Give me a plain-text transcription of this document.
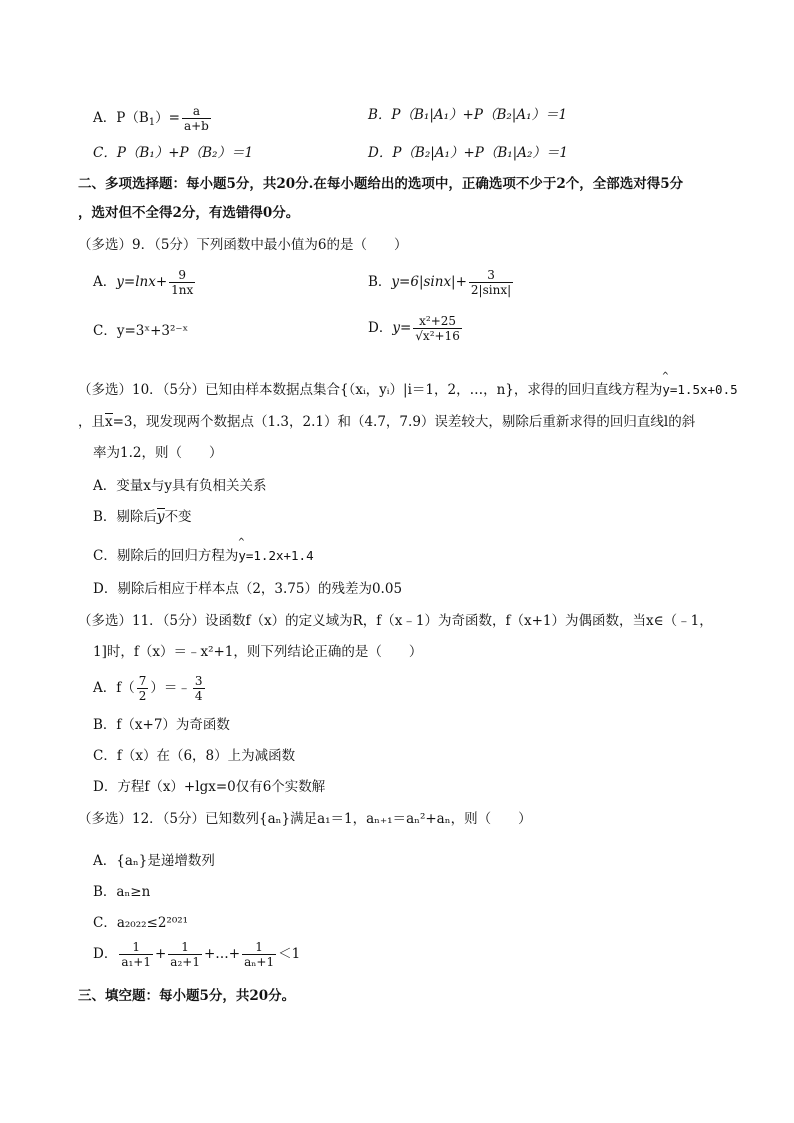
A．$P(B_1)= \frac{a}{a+b}$	B．P（B₁|A₁）+P（B₂|A₁）＝1
C．P（B₁）+P（B₂）＝1	D．P（B₂|A₁）+P（B₁|A₂）＝1
二、多项选择题：每小题5分，共20分.在每小题给出的选项中，正确选项不少于2个，全部选对得5分
，选对但不全得2分，有选错得0分。
（多选）9．（5分）下列函数中最小值为6的是（　　）
A．$y=\ln x+ \frac{9}{1nx}$	B．$y=6|\sin x|+ \frac{3}{2|\sin x|}$
C．y=3ˣ+3²⁻ˣ	D．$y= \frac{\text{x²+25}}{\text{√x²+16}}$
（多选）10．（5分）已知由样本数据点集合{（xᵢ，yᵢ）|i＝1，2，…，n}，求得的回归直线方程为^ y=1.5x+0.5
，且x=3，现发现两个数据点（1.3，2.1）和（4.7，7.9）误差较大，剔除后重新求得的回归直线l的斜
率为1.2，则（　　）
A．变量x与y具有负相关关系
B．剔除后y不变
C．剔除后的回归方程为^ y=1.2x+1.4
D．剔除后相应于样本点（2，3.75）的残差为0.05
（多选）11．（5分）设函数f（x）的定义域为R，f（x﹣1）为奇函数，f（x+1）为偶函数，当x∈（﹣1，
1]时，f（x）＝﹣x²+1，则下列结论正确的是（　　）
A．$f( \frac{7}{2}$ ）＝﹣ $\frac{3}{4}$
B．f（x+7）为奇函数
C．f（x）在（6，8）上为减函数
D．方程f（x）+lgx=0仅有6个实数解
（多选）12．（5分）已知数列{aₙ}满足a₁＝1，aₙ₊₁＝aₙ²+aₙ，则（　　）
A．{aₙ}是递增数列
B．aₙ≥n
C．a₂₀₂₂≤2²⁰²¹
D． $\frac{1}{\text{a₁+1}} + \frac{1}{\text{a₂+1}}$ +…+ $\frac{1}{\text{aₙ+1}} <1$
三、填空题：每小题5分，共20分。
